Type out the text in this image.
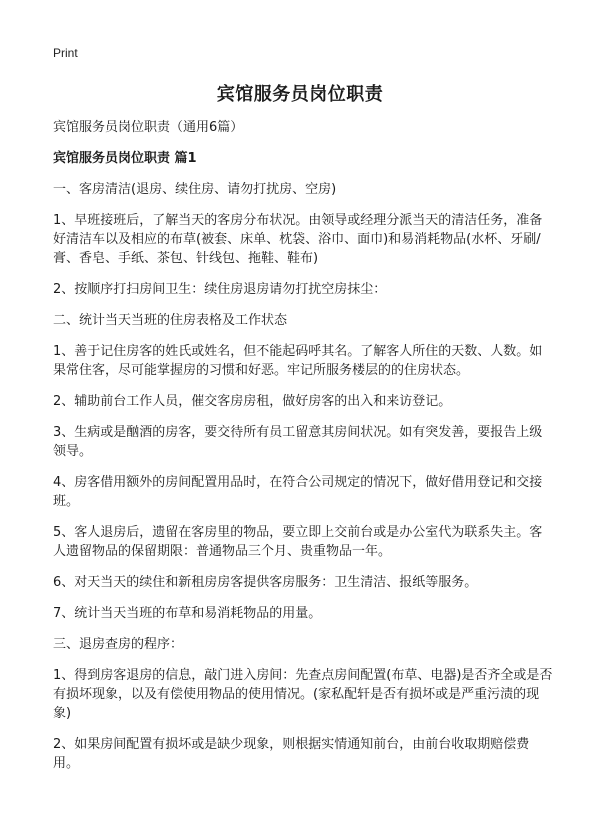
Print
宾馆服务员岗位职责

宾馆服务员岗位职责（通用6篇）

宾馆服务员岗位职责 篇1

一、客房清洁(退房、续住房、请勿打扰房、空房)

1、早班接班后，了解当天的客房分布状况。由领导或经理分派当天的清洁任务，准备好清洁车以及相应的布草(被套、床单、枕袋、浴巾、面巾)和易消耗物品(水杯、牙刷/膏、香皂、手纸、茶包、针线包、拖鞋、鞋布)

2、按顺序打扫房间卫生：续住房退房请勿打扰空房抹尘：

二、统计当天当班的住房表格及工作状态

1、善于记住房客的姓氏或姓名，但不能起码呼其名。了解客人所住的天数、人数。如果常住客，尽可能掌握房的习惯和好恶。牢记所服务楼层的的住房状态。

2、辅助前台工作人员，催交客房房租，做好房客的出入和来访登记。

3、生病或是酗酒的房客，要交待所有员工留意其房间状况。如有突发善，要报告上级领导。

4、房客借用额外的房间配置用品时，在符合公司规定的情况下，做好借用登记和交接班。

5、客人退房后，遗留在客房里的物品，要立即上交前台或是办公室代为联系失主。客人遗留物品的保留期限：普通物品三个月、贵重物品一年。

6、对天当天的续住和新租房房客提供客房服务：卫生清洁、报纸等服务。

7、统计当天当班的布草和易消耗物品的用量。

三、退房查房的程序：

1、得到房客退房的信息，敲门进入房间：先查点房间配置(布草、电器)是否齐全或是否有损坏现象，以及有偿使用物品的使用情况。(家私配轩是否有损坏或是严重污渍的现象)

2、如果房间配置有损坏或是缺少现象，则根据实情通知前台，由前台收取期赔偿费用。
